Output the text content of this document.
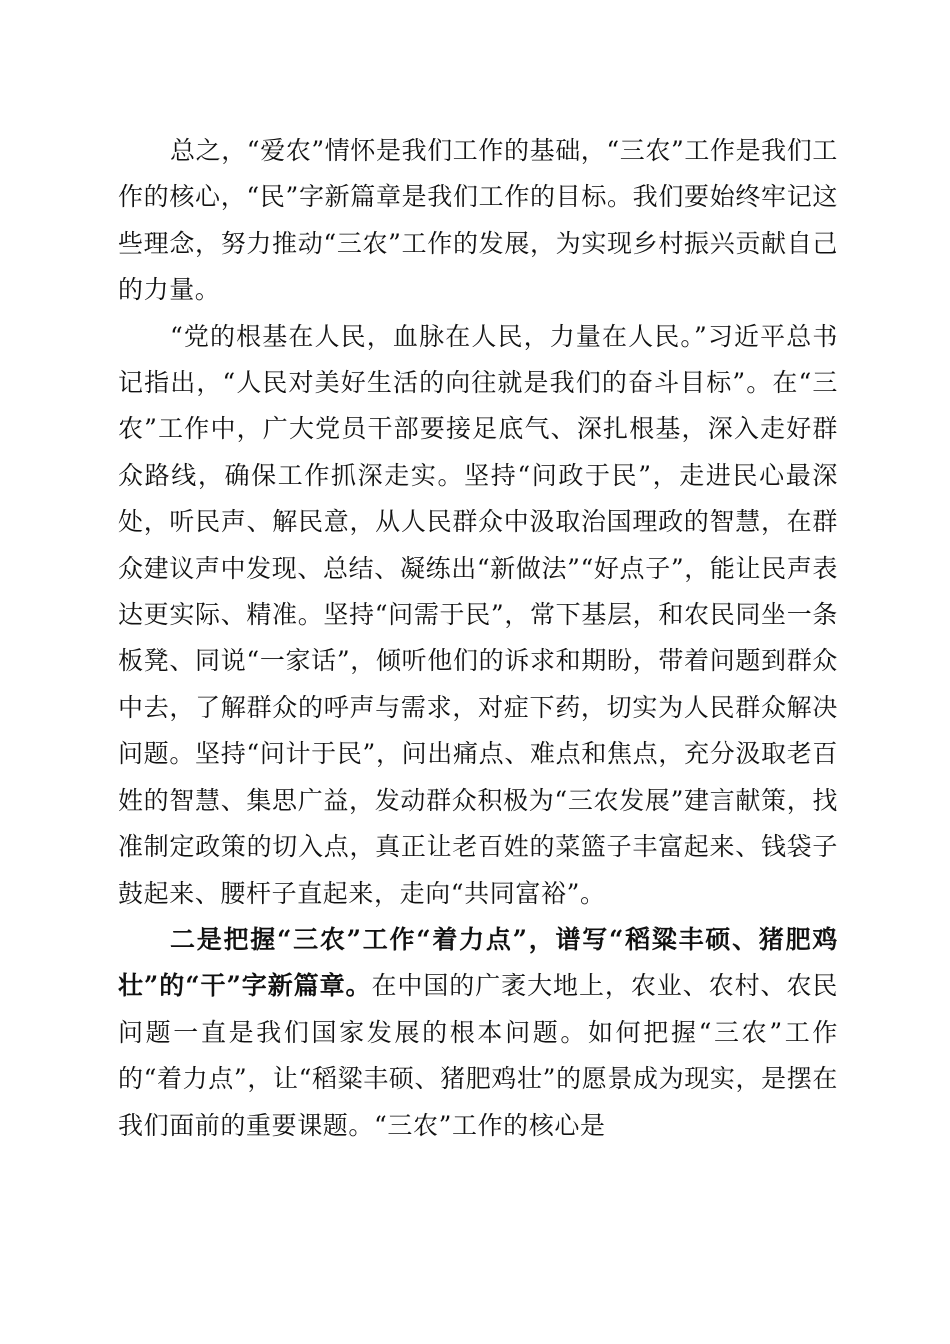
总之，“爱农”情怀是我们工作的基础，“三农”工作是我们工作的核心，“民”字新篇章是我们工作的目标。我们要始终牢记这些理念，努力推动“三农”工作的发展，为实现乡村振兴贡献自己的力量。

“党的根基在人民，血脉在人民，力量在人民。”习近平总书记指出，“人民对美好生活的向往就是我们的奋斗目标”。在“三农”工作中，广大党员干部要接足底气、深扎根基，深入走好群众路线，确保工作抓深走实。坚持“问政于民”，走进民心最深处，听民声、解民意，从人民群众中汲取治国理政的智慧，在群众建议声中发现、总结、凝练出“新做法”“好点子”，能让民声表达更实际、精准。坚持“问需于民”，常下基层，和农民同坐一条板凳、同说“一家话”，倾听他们的诉求和期盼，带着问题到群众中去，了解群众的呼声与需求，对症下药，切实为人民群众解决问题。坚持“问计于民”，问出痛点、难点和焦点，充分汲取老百姓的智慧、集思广益，发动群众积极为“三农发展”建言献策，找准制定政策的切入点，真正让老百姓的菜篮子丰富起来、钱袋子鼓起来、腰杆子直起来，走向“共同富裕”。

二是把握“三农”工作“着力点”，谱写“稻粱丰硕、猪肥鸡壮”的“干”字新篇章。在中国的广袤大地上，农业、农村、农民问题一直是我们国家发展的根本问题。如何把握“三农”工作的“着力点”，让“稻粱丰硕、猪肥鸡壮”的愿景成为现实，是摆在我们面前的重要课题。“三农”工作的核心是
